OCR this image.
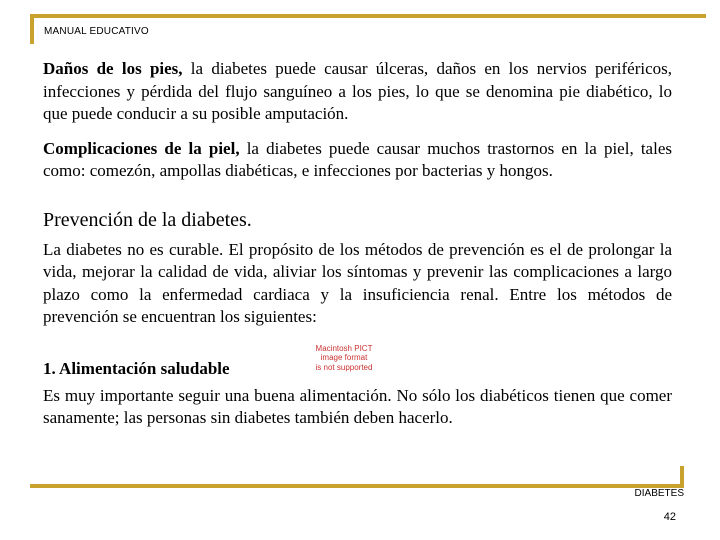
MANUAL EDUCATIVO

Daños de los pies, la diabetes puede causar úlceras, daños en los nervios periféricos, infecciones y pérdida del flujo sanguíneo a los pies, lo que se denomina pie diabético, lo que puede conducir a su posible amputación.

Complicaciones de la piel, la diabetes puede causar muchos trastornos en la piel, tales como: comezón, ampollas diabéticas, e infecciones por bacterias y hongos.

Prevención de la diabetes.

La diabetes no es curable. El propósito de los métodos de prevención es el de prolongar la vida, mejorar la calidad de vida, aliviar los síntomas y prevenir las complicaciones a largo plazo como la enfermedad cardiaca y la insuficiencia renal. Entre los métodos de prevención se encuentran los siguientes:

1. Alimentación saludable
Macintosh PICT
image format
is not supported

Es muy importante seguir una buena alimentación. No sólo los diabéticos tienen que comer sanamente; las personas sin diabetes también deben hacerlo.

DIABETES
42
